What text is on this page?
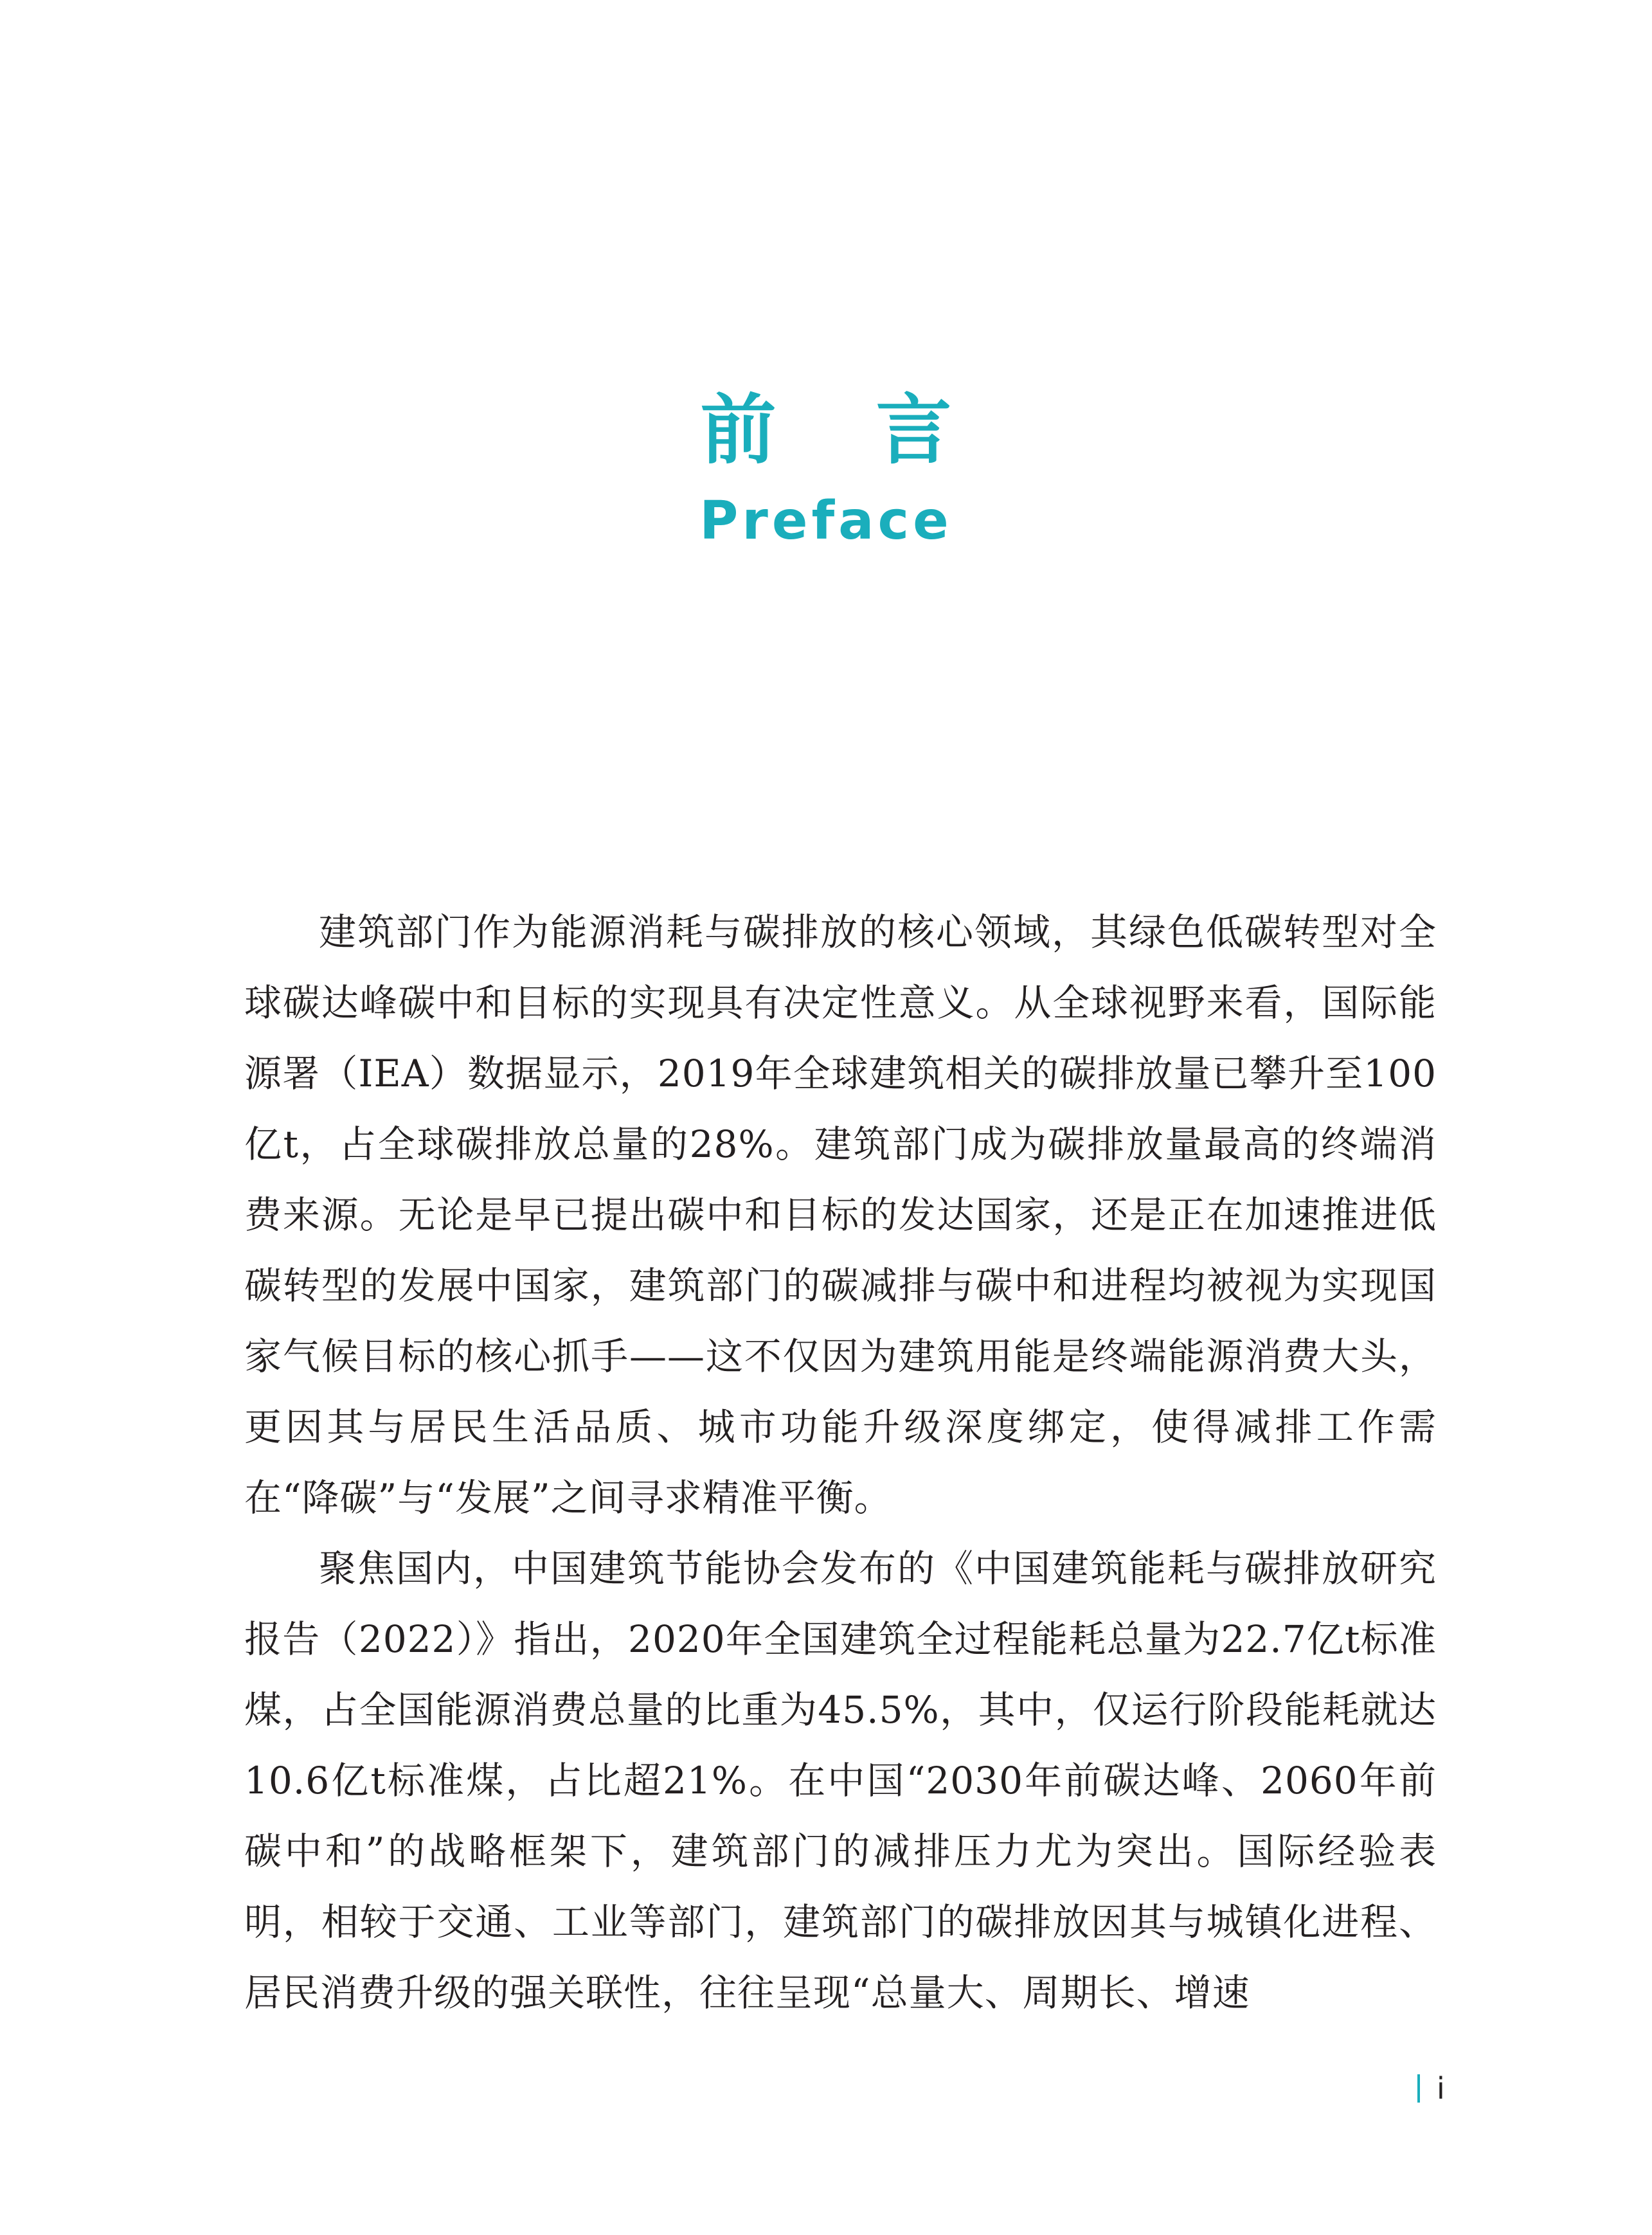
前言
Preface

建筑部门作为能源消耗与碳排放的核心领域，其绿色低碳转型对全球碳达峰碳中和目标的实现具有决定性意义。从全球视野来看，国际能源署（IEA）数据显示，2019年全球建筑相关的碳排放量已攀升至100亿t，占全球碳排放总量的28%。建筑部门成为碳排放量最高的终端消费来源。无论是早已提出碳中和目标的发达国家，还是正在加速推进低碳转型的发展中国家，建筑部门的碳减排与碳中和进程均被视为实现国家气候目标的核心抓手——这不仅因为建筑用能是终端能源消费大头，更因其与居民生活品质、城市功能升级深度绑定，使得减排工作需在“降碳”与“发展”之间寻求精准平衡。

聚焦国内，中国建筑节能协会发布的《中国建筑能耗与碳排放研究报告（2022）》指出，2020年全国建筑全过程能耗总量为22.7亿t标准煤，占全国能源消费总量的比重为45.5%，其中，仅运行阶段能耗就达10.6亿t标准煤，占比超21%。在中国“2030年前碳达峰、2060年前碳中和”的战略框架下，建筑部门的减排压力尤为突出。国际经验表明，相较于交通、工业等部门，建筑部门的碳排放因其与城镇化进程、居民消费升级的强关联性，往往呈现“总量大、周期长、增速

i
